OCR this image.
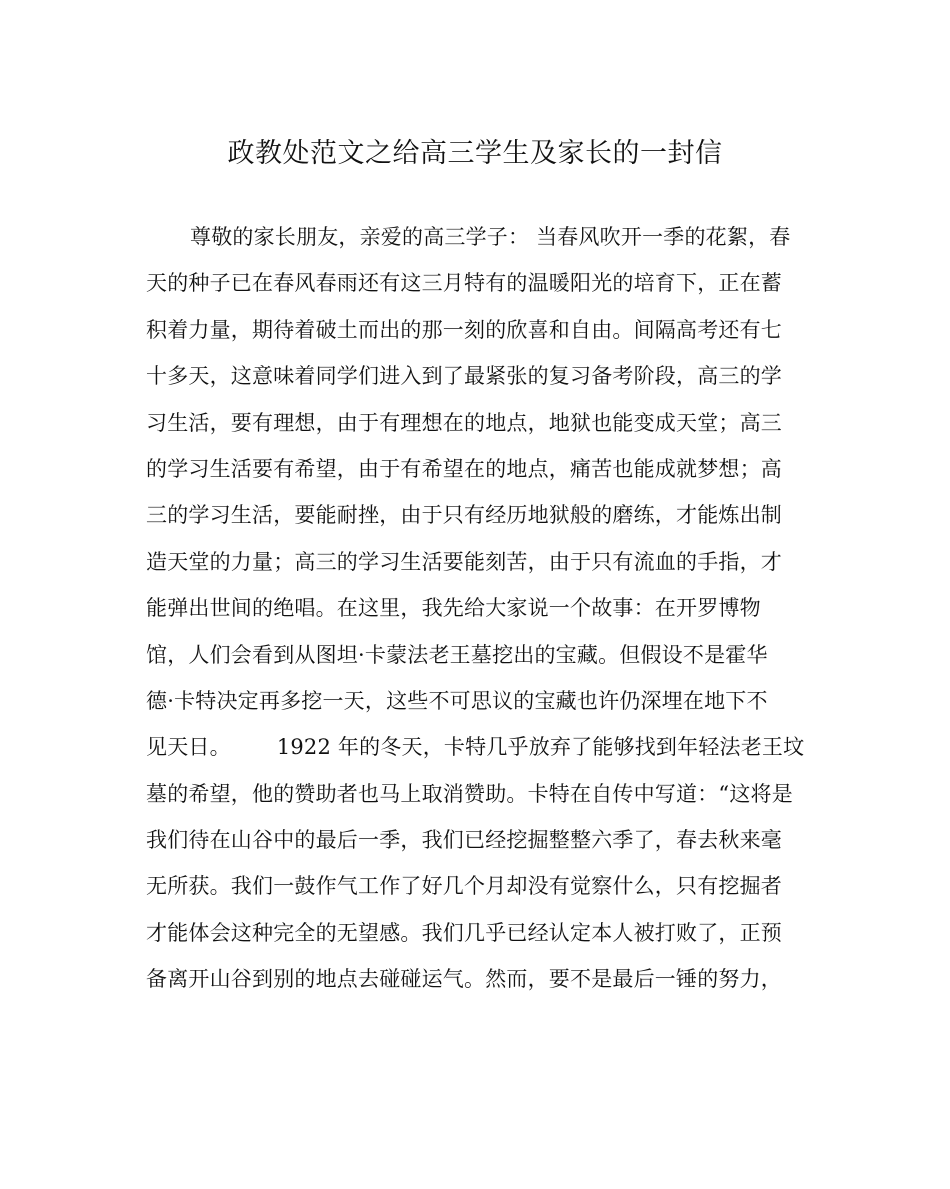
政教处范文之给高三学生及家长的一封信
尊敬的家长朋友，亲爱的高三学子： 当春风吹开一季的花絮，春
天的种子已在春风春雨还有这三月特有的温暖阳光的培育下，正在蓄
积着力量，期待着破土而出的那一刻的欣喜和自由。间隔高考还有七
十多天，这意味着同学们进入到了最紧张的复习备考阶段，高三的学
习生活，要有理想，由于有理想在的地点，地狱也能变成天堂；高三
的学习生活要有希望，由于有希望在的地点，痛苦也能成就梦想；高
三的学习生活，要能耐挫，由于只有经历地狱般的磨练，才能炼出制
造天堂的力量；高三的学习生活要能刻苦，由于只有流血的手指，才
能弹出世间的绝唱。在这里，我先给大家说一个故事：在开罗博物
馆，人们会看到从图坦·卡蒙法老王墓挖出的宝藏。但假设不是霍华
德·卡特决定再多挖一天，这些不可思议的宝藏也许仍深埋在地下不
见天日。 1922 年的冬天，卡特几乎放弃了能够找到年轻法老王坟
墓的希望，他的赞助者也马上取消赞助。卡特在自传中写道：“这将是
我们待在山谷中的最后一季，我们已经挖掘整整六季了，春去秋来毫
无所获。我们一鼓作气工作了好几个月却没有觉察什么，只有挖掘者
才能体会这种完全的无望感。我们几乎已经认定本人被打败了，正预
备离开山谷到别的地点去碰碰运气。然而，要不是最后一锤的努力，
